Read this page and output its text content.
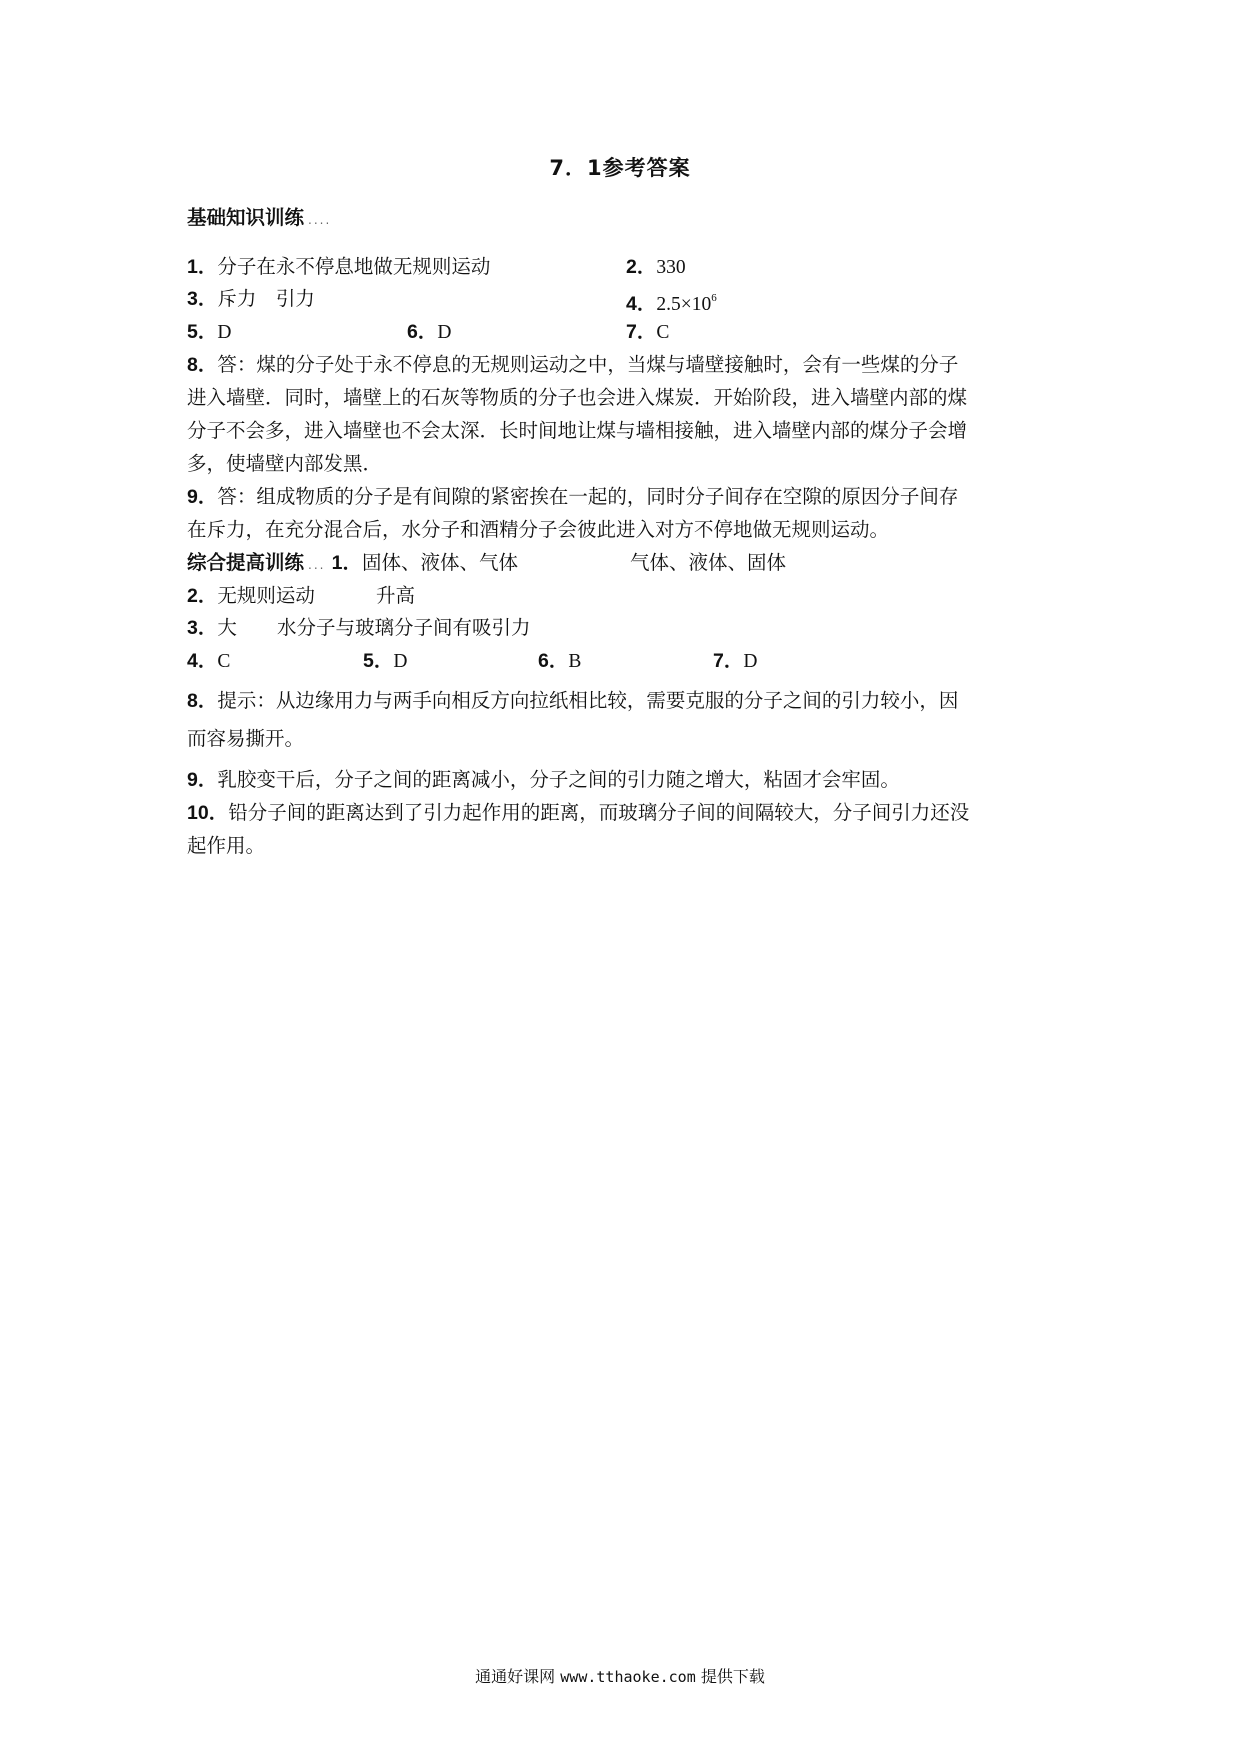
7．1参考答案
基础知识训练 ....
1．分子在永不停息地做无规则运动	2．330
3．斥力　引力	4．$2.5\times 10^6$
5．D	6．D	7．C
8．答：煤的分子处于永不停息的无规则运动之中，当煤与墙壁接触时，会有一些煤的分子
进入墙壁．同时，墙壁上的石灰等物质的分子也会进入煤炭．开始阶段，进入墙壁内部的煤
分子不会多，进入墙壁也不会太深．长时间地让煤与墙相接触，进入墙壁内部的煤分子会增
多，使墙壁内部发黑．
9．答：组成物质的分子是有间隙的紧密挨在一起的，同时分子间存在空隙的原因分子间存
在斥力，在充分混合后，水分子和酒精分子会彼此进入对方不停地做无规则运动。
综合提高训练 ... 1．固体、液体、气体	气体、液体、固体
2．无规则运动	升高
3．大 水分子与玻璃分子间有吸引力
4．C	5．D	6．B	7．D
8．提示：从边缘用力与两手向相反方向拉纸相比较，需要克服的分子之间的引力较小，因
而容易撕开。
9．乳胶变干后，分子之间的距离减小，分子之间的引力随之增大，粘固才会牢固。
10．铅分子间的距离达到了引力起作用的距离，而玻璃分子间的间隔较大，分子间引力还没
起作用。
通通好课网 www.tthaoke.com 提供下载
